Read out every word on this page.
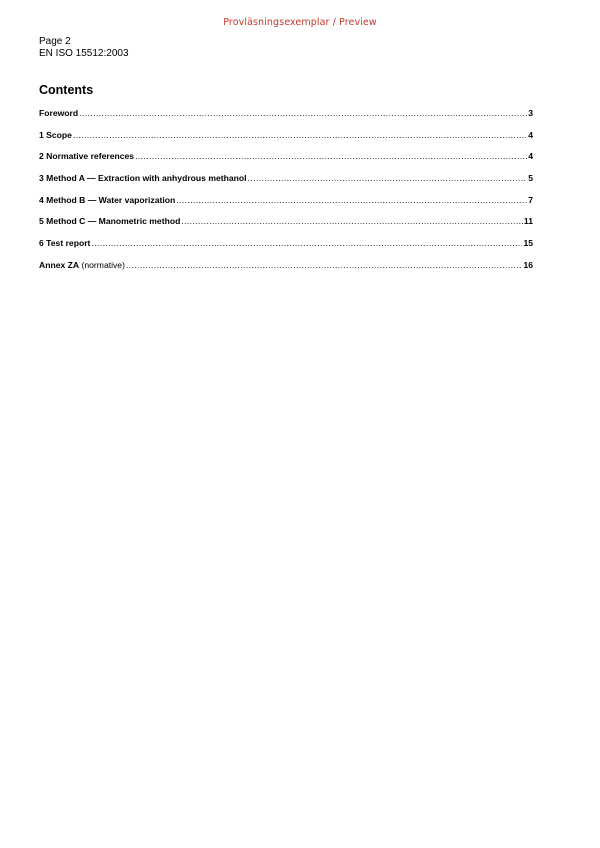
Provläsningsexemplar / Preview
Page 2
EN ISO 15512:2003
Contents
Foreword .....	3
1 Scope .....	4
2 Normative references .....	4
3 Method A — Extraction with anhydrous methanol .....	5
4 Method B — Water vaporization .....	7
5 Method C — Manometric method .....	11
6 Test report .....	15
Annex ZA (normative) .....	16
